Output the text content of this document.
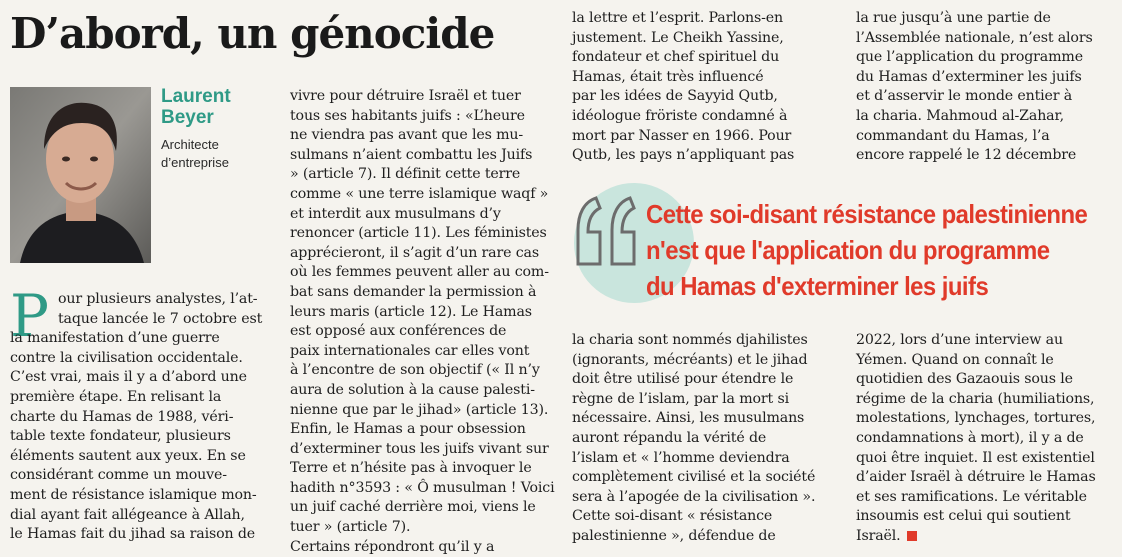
D’abord, un génocide
Laurent
Beyer
Architecte
d’entreprise
P our plusieurs analystes, l’at-
taque lancée le 7 octobre est
la manifestation d’une guerre
contre la civilisation occidentale.
C’est vrai, mais il y a d’abord une
première étape. En relisant la
charte du Hamas de 1988, véri-
table texte fondateur, plusieurs
éléments sautent aux yeux. En se
considérant comme un mouve-
ment de résistance islamique mon-
dial ayant fait allégeance à Allah,
le Hamas fait du jihad sa raison de
vivre pour détruire Israël et tuer
tous ses habitants juifs : «L’heure
ne viendra pas avant que les mu-
sulmans n’aient combattu les Juifs
» (article 7). Il définit cette terre
comme « une terre islamique waqf »
et interdit aux musulmans d’y
renoncer (article 11). Les féministes
apprécieront, il s’agit d’un rare cas
où les femmes peuvent aller au com-
bat sans demander la permission à
leurs maris (article 12). Le Hamas
est opposé aux conférences de
paix internationales car elles vont
à l’encontre de son objectif (« Il n’y
aura de solution à la cause palesti-
nienne que par le jihad» (article 13).
Enfin, le Hamas a pour obsession
d’exterminer tous les juifs vivant sur
Terre et n’hésite pas à invoquer le
hadith n°3593 : « Ô musulman ! Voici
un juif caché derrière moi, viens le
tuer » (article 7).
Certains répondront qu’il y a
la lettre et l’esprit. Parlons-en
justement. Le Cheikh Yassine,
fondateur et chef spirituel du
Hamas, était très influencé
par les idées de Sayyid Qutb,
idéologue fröriste condamné à
mort par Nasser en 1966. Pour
Qutb, les pays n’appliquant pas
la rue jusqu’à une partie de
l’Assemblée nationale, n’est alors
que l’application du programme
du Hamas d’exterminer les juifs
et d’asservir le monde entier à
la charia. Mahmoud al-Zahar,
commandant du Hamas, l’a
encore rappelé le 12 décembre
Cette soi-disant résistance palestinienne
n'est que l'application du programme
du Hamas d'exterminer les juifs
la charia sont nommés djahilistes
(ignorants, mécréants) et le jihad
doit être utilisé pour étendre le
règne de l’islam, par la mort si
nécessaire. Ainsi, les musulmans
auront répandu la vérité de
l’islam et « l’homme deviendra
complètement civilisé et la société
sera à l’apogée de la civilisation ».
Cette soi-disant « résistance
palestinienne », défendue de
2022, lors d’une interview au
Yémen. Quand on connaît le
quotidien des Gazaouis sous le
régime de la charia (humiliations,
molestations, lynchages, tortures,
condamnations à mort), il y a de
quoi être inquiet. Il est existentiel
d’aider Israël à détruire le Hamas
et ses ramifications. Le véritable
insoumis est celui qui soutient
Israël.
